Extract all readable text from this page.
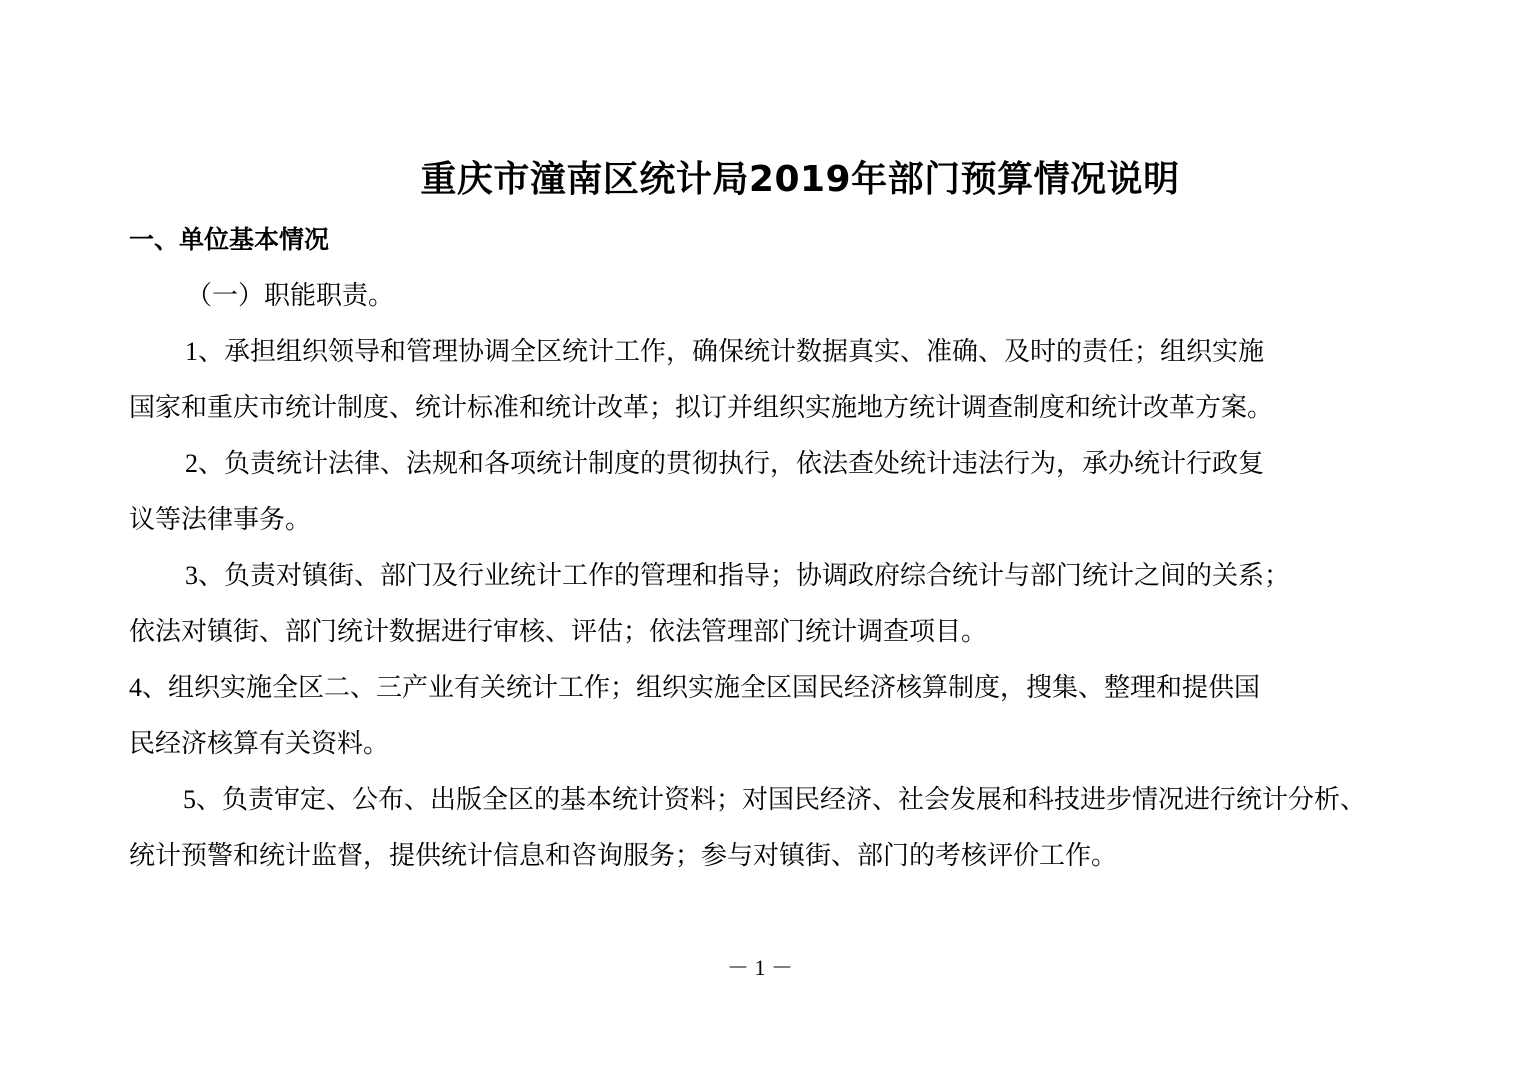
重庆市潼南区统计局2019年部门预算情况说明
一、单位基本情况
（一）职能职责。
1、承担组织领导和管理协调全区统计工作，确保统计数据真实、准确、及时的责任；组织实施
国家和重庆市统计制度、统计标准和统计改革；拟订并组织实施地方统计调查制度和统计改革方案。
2、负责统计法律、法规和各项统计制度的贯彻执行，依法查处统计违法行为，承办统计行政复
议等法律事务。
3、负责对镇街、部门及行业统计工作的管理和指导；协调政府综合统计与部门统计之间的关系；
依法对镇街、部门统计数据进行审核、评估；依法管理部门统计调查项目。
4、组织实施全区二、三产业有关统计工作；组织实施全区国民经济核算制度，搜集、整理和提供国
民经济核算有关资料。
5、负责审定、公布、出版全区的基本统计资料；对国民经济、社会发展和科技进步情况进行统计分析、
统计预警和统计监督，提供统计信息和咨询服务；参与对镇街、部门的考核评价工作。
－ 1 －
